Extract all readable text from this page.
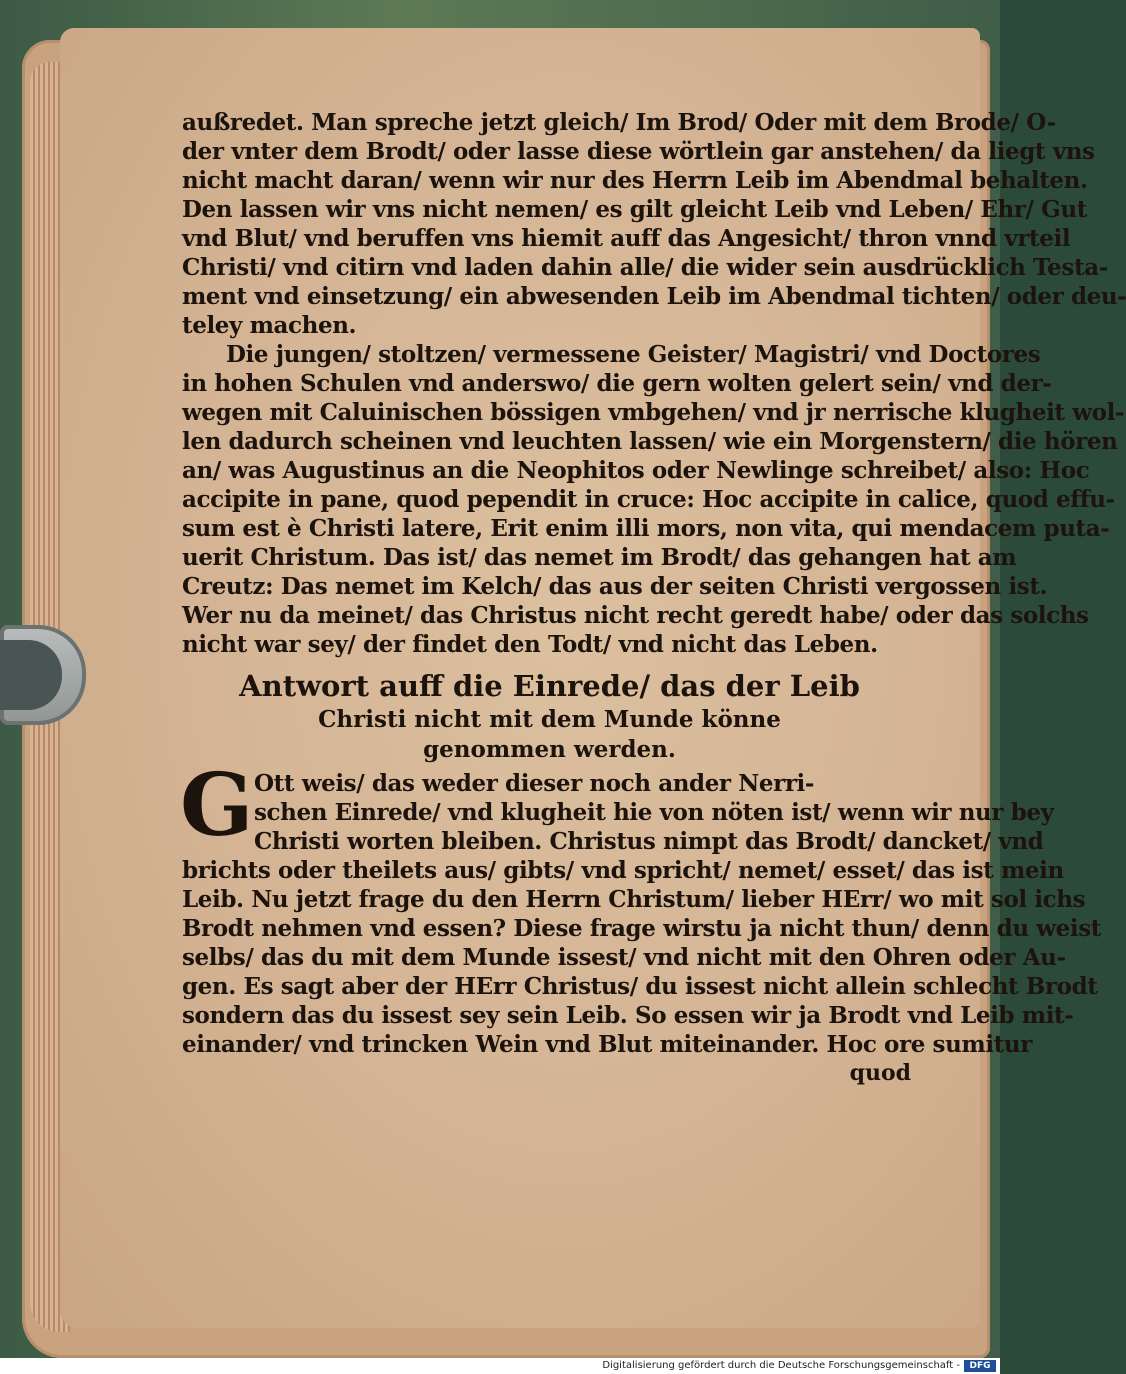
außredet. Man spreche jetzt gleich/ Im Brod/ Oder mit dem Brode/ O-
der vnter dem Brodt/ oder lasse diese wörtlein gar anstehen/ da liegt vns
nicht macht daran/ wenn wir nur des Herrn Leib im Abendmal behalten.
Den lassen wir vns nicht nemen/ es gilt gleicht Leib vnd Leben/ Ehr/ Gut
vnd Blut/ vnd beruffen vns hiemit auff das Angesicht/ thron vnnd vrteil
Christi/ vnd citirn vnd laden dahin alle/ die wider sein ausdrücklich Testa-
ment vnd einsetzung/ ein abwesenden Leib im Abendmal tichten/ oder deu-
teley machen.
Die jungen/ stoltzen/ vermessene Geister/ Magistri/ vnd Doctores
in hohen Schulen vnd anderswo/ die gern wolten gelert sein/ vnd der-
wegen mit Caluinischen bössigen vmbgehen/ vnd jr nerrische klugheit wol-
len dadurch scheinen vnd leuchten lassen/ wie ein Morgenstern/ die hören
an/ was Augustinus an die Neophitos oder Newlinge schreibet/ also: Hoc
accipite in pane, quod pependit in cruce: Hoc accipite in calice, quod effu-
sum est è Christi latere, Erit enim illi mors, non vita, qui mendacem puta-
uerit Christum. Das ist/ das nemet im Brodt/ das gehangen hat am
Creutz: Das nemet im Kelch/ das aus der seiten Christi vergossen ist.
Wer nu da meinet/ das Christus nicht recht geredt habe/ oder das solchs
nicht war sey/ der findet den Todt/ vnd nicht das Leben.
Antwort auff die Einrede/ das der Leib
Christi nicht mit dem Munde könne
genommen werden.
G Ott weis/ das weder dieser noch ander Nerri-
schen Einrede/ vnd klugheit hie von nöten ist/ wenn wir nur bey
Christi worten bleiben. Christus nimpt das Brodt/ dancket/ vnd
brichts oder theilets aus/ gibts/ vnd spricht/ nemet/ esset/ das ist mein
Leib. Nu jetzt frage du den Herrn Christum/ lieber HErr/ wo mit sol ichs
Brodt nehmen vnd essen? Diese frage wirstu ja nicht thun/ denn du weist
selbs/ das du mit dem Munde issest/ vnd nicht mit den Ohren oder Au-
gen. Es sagt aber der HErr Christus/ du issest nicht allein schlecht Brodt
sondern das du issest sey sein Leib. So essen wir ja Brodt vnd Leib mit-
einander/ vnd trincken Wein vnd Blut miteinander. Hoc ore sumitur
quod
Digitalisierung gefördert durch die Deutsche Forschungsgemeinschaft -	DFG
